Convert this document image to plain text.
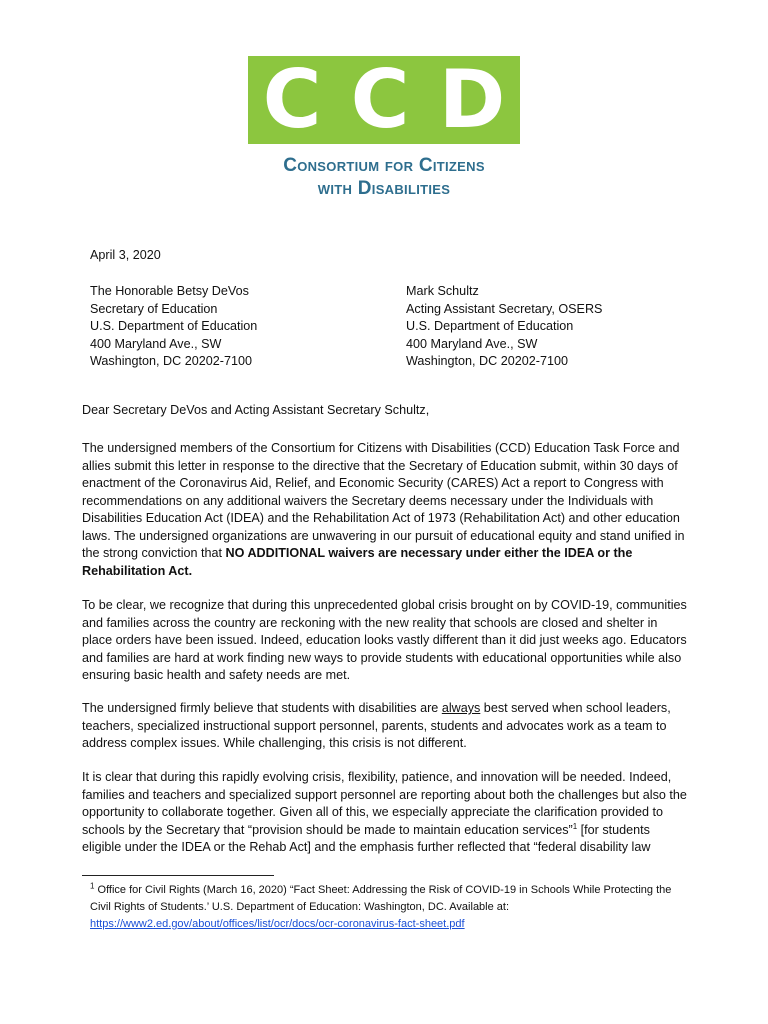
C C D
Consortium for Citizens
with Disabilities
April 3, 2020
The Honorable Betsy DeVos
Secretary of Education
U.S. Department of Education
400 Maryland Ave., SW
Washington, DC 20202-7100
Mark Schultz
Acting Assistant Secretary, OSERS
U.S. Department of Education
400 Maryland Ave., SW
Washington, DC 20202-7100
Dear Secretary DeVos and Acting Assistant Secretary Schultz,

The undersigned members of the Consortium for Citizens with Disabilities (CCD) Education Task Force and allies submit this letter in response to the directive that the Secretary of Education submit, within 30 days of enactment of the Coronavirus Aid, Relief, and Economic Security (CARES) Act a report to Congress with recommendations on any additional waivers the Secretary deems necessary under the Individuals with Disabilities Education Act (IDEA) and the Rehabilitation Act of 1973 (Rehabilitation Act) and other education laws. The undersigned organizations are unwavering in our pursuit of educational equity and stand unified in the strong conviction that NO ADDITIONAL waivers are necessary under either the IDEA or the Rehabilitation Act.

To be clear, we recognize that during this unprecedented global crisis brought on by COVID-19, communities and families across the country are reckoning with the new reality that schools are closed and shelter in place orders have been issued. Indeed, education looks vastly different than it did just weeks ago. Educators and families are hard at work finding new ways to provide students with educational opportunities while also ensuring basic health and safety needs are met.

The undersigned firmly believe that students with disabilities are always best served when school leaders, teachers, specialized instructional support personnel, parents, students and advocates work as a team to address complex issues. While challenging, this crisis is not different.

It is clear that during this rapidly evolving crisis, flexibility, patience, and innovation will be needed. Indeed, families and teachers and specialized support personnel are reporting about both the challenges but also the opportunity to collaborate together. Given all of this, we especially appreciate the clarification provided to schools by the Secretary that “provision should be made to maintain education services”$^1$ [for students eligible under the IDEA or the Rehab Act] and the emphasis further reflected that “federal disability law

$^1$ Office for Civil Rights (March 16, 2020) “Fact Sheet: Addressing the Risk of COVID-19 in Schools While Protecting the Civil Rights of Students.’ U.S. Department of Education: Washington, DC. Available at: https://www2.ed.gov/about/offices/list/ocr/docs/ocr-coronavirus-fact-sheet.pdf
